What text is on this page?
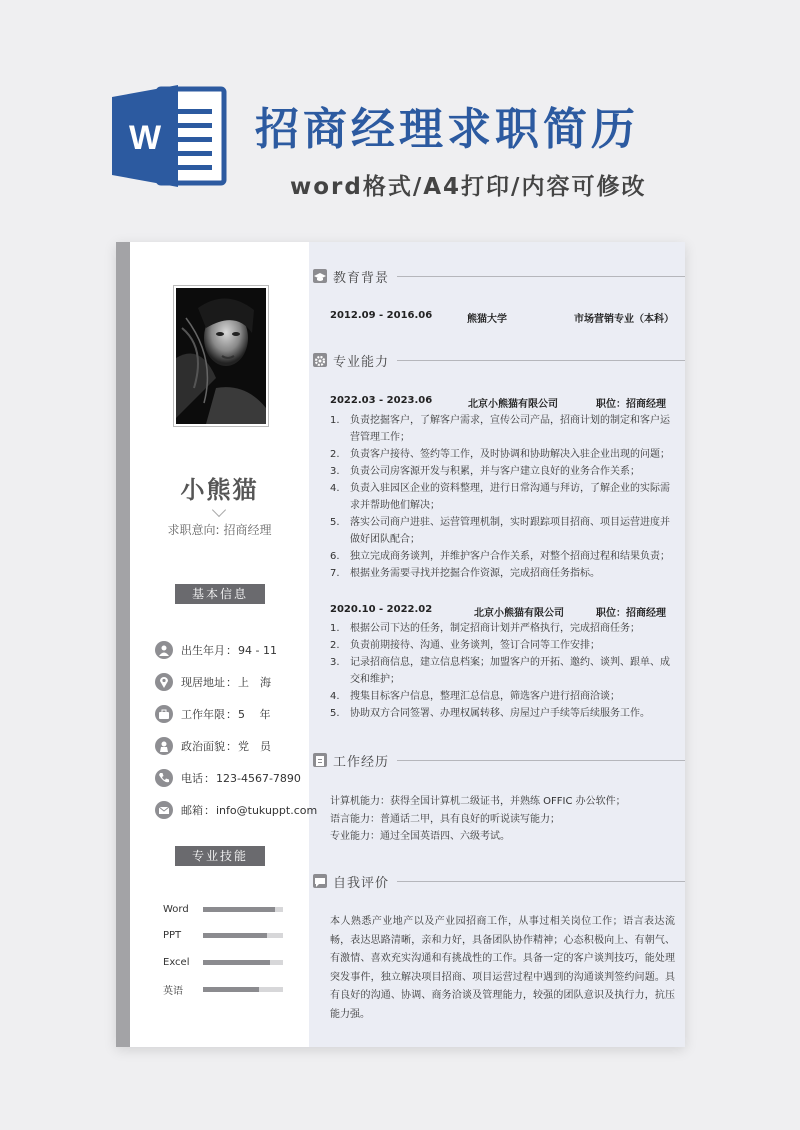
W 招商经理求职简历
word格式/A4打印/内容可修改
小熊猫
求职意向: 招商经理
基本信息
出生年月 ： 94 - 11
现居地址 ： 上　海
工作年限 ： 5　 年
政治面貌 ： 党　员
电话 ： 123-4567-7890
邮箱 ： info@tukuppt.com
专业技能
Word
PPT
Excel
英语
教育背景
2012.09 - 2016.06	熊猫大学	市场营销专业（本科）
专业能力
2022.03 - 2023.06	北京小熊猫有限公司	职位：招商经理
1.	负责挖掘客户，了解客户需求，宣传公司产品，招商计划的制定和客户运营管理工作；
2.	负责客户接待、签约等工作，及时协调和协助解决入驻企业出现的问题；
3.	负责公司房客源开发与积累，并与客户建立良好的业务合作关系；
4.	负责入驻园区企业的资料整理，进行日常沟通与拜访，了解企业的实际需求并帮助他们解决；
5.	落实公司商户进驻、运营管理机制，实时跟踪项目招商、项目运营进度并做好团队配合；
6.	独立完成商务谈判，并维护客户合作关系，对整个招商过程和结果负责；
7.	根据业务需要寻找并挖掘合作资源，完成招商任务指标。
2020.10 - 2022.02	北京小熊猫有限公司	职位：招商经理
1.	根据公司下达的任务，制定招商计划并严格执行，完成招商任务；
2.	负责前期接待、沟通、业务谈判，签订合同等工作安排；
3.	记录招商信息，建立信息档案；加盟客户的开拓、邀约、谈判、跟单、成交和维护；
4.	搜集目标客户信息，整理汇总信息，筛选客户进行招商洽谈；
5.	协助双方合同签署、办理权属转移、房屋过户手续等后续服务工作。
工作经历
计算机能力：获得全国计算机二级证书，并熟练 OFFIC 办公软件；
语言能力：普通话二甲，具有良好的听说读写能力；
专业能力：通过全国英语四、六级考试。
自我评价
本人熟悉产业地产以及产业园招商工作，从事过相关岗位工作；语言表达流畅，表达思路清晰，亲和力好，具备团队协作精神；心态积极向上、有朝气、有激情、喜欢充实沟通和有挑战性的工作。具备一定的客户谈判技巧，能处理突发事件，独立解决项目招商、项目运营过程中遇到的沟通谈判签约问题。具有良好的沟通、协调、商务洽谈及管理能力，较强的团队意识及执行力，抗压能力强。
